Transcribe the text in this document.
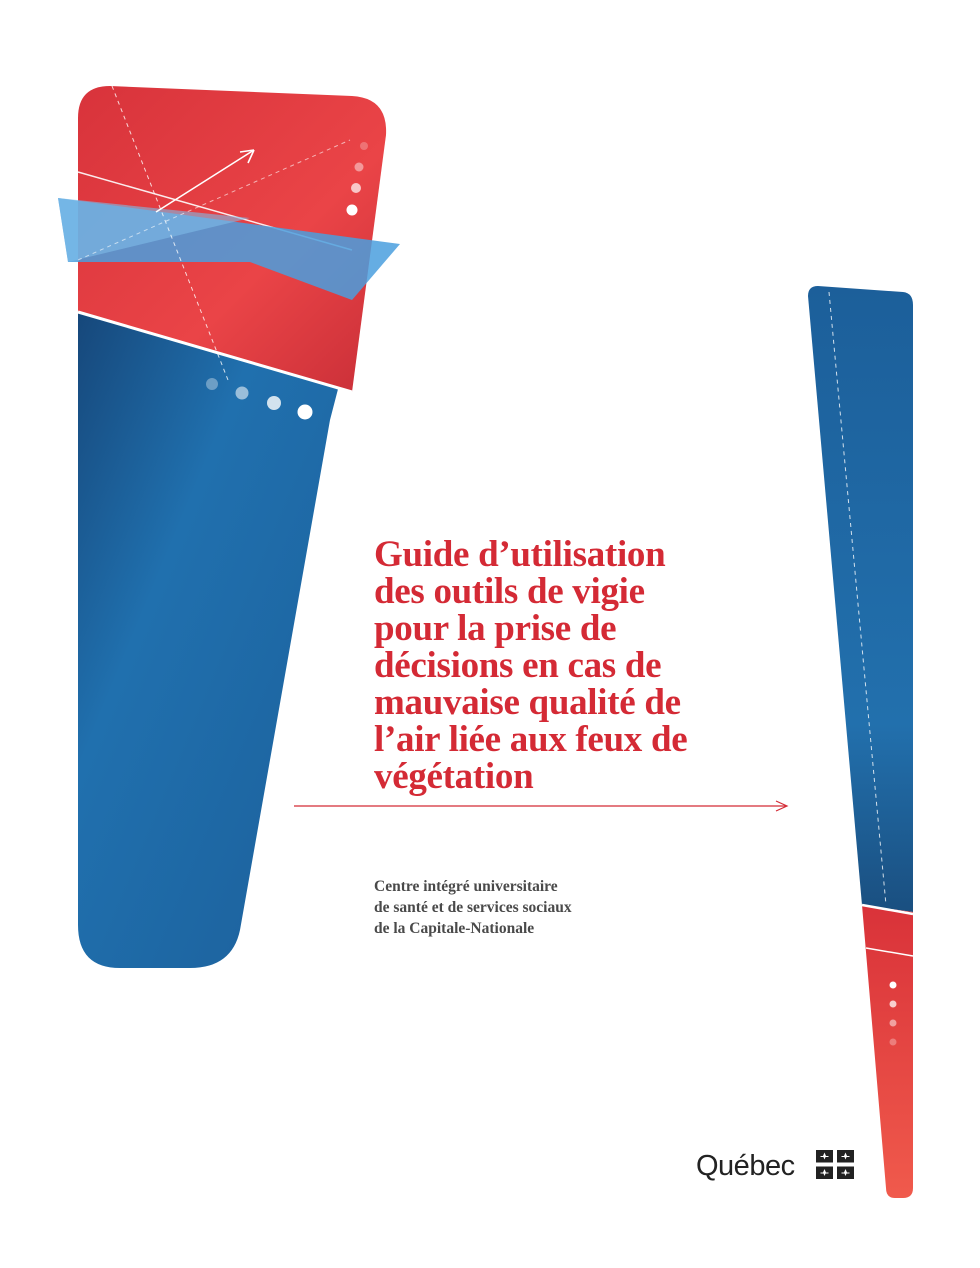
Guide d’utilisation
des outils de vigie
pour la prise de
décisions en cas de
mauvaise qualité de
l’air liée aux feux de
végétation
Centre intégré universitaire
de santé et de services sociaux
de la Capitale-Nationale
Québec
